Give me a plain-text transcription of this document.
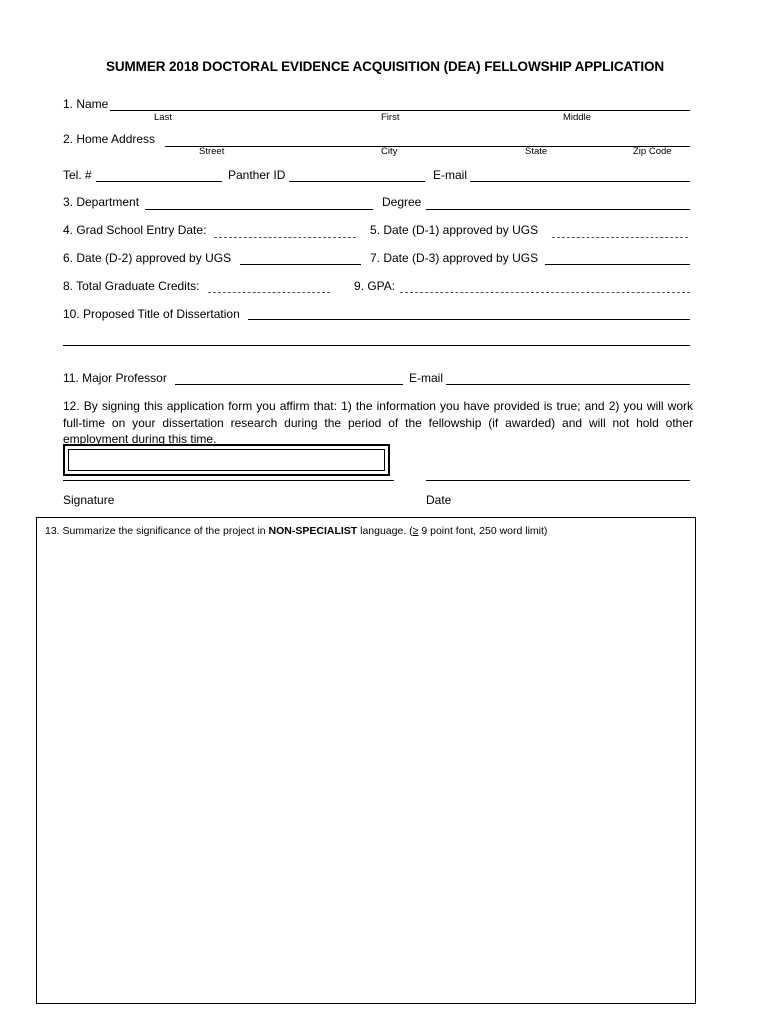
SUMMER 2018 DOCTORAL EVIDENCE ACQUISITION (DEA) FELLOWSHIP APPLICATION
1. Name
Last	First	Middle
2. Home Address
Street	City	State	Zip Code
Tel. #	Panther ID	E-mail
3. Department	Degree
4. Grad School Entry Date:	5. Date (D-1) approved by UGS
6. Date (D-2) approved by UGS	7. Date (D-3) approved by UGS
8. Total Graduate Credits:	9. GPA:
10. Proposed Title of Dissertation
11. Major Professor	E-mail
12. By signing this application form you affirm that: 1) the information you have provided is true; and 2) you will work full-time on your dissertation research during the period of the fellowship (if awarded) and will not hold other employment during this time.
Signature	Date
13. Summarize the significance of the project in NON-SPECIALIST language. (≥ 9 point font, 250 word limit)
